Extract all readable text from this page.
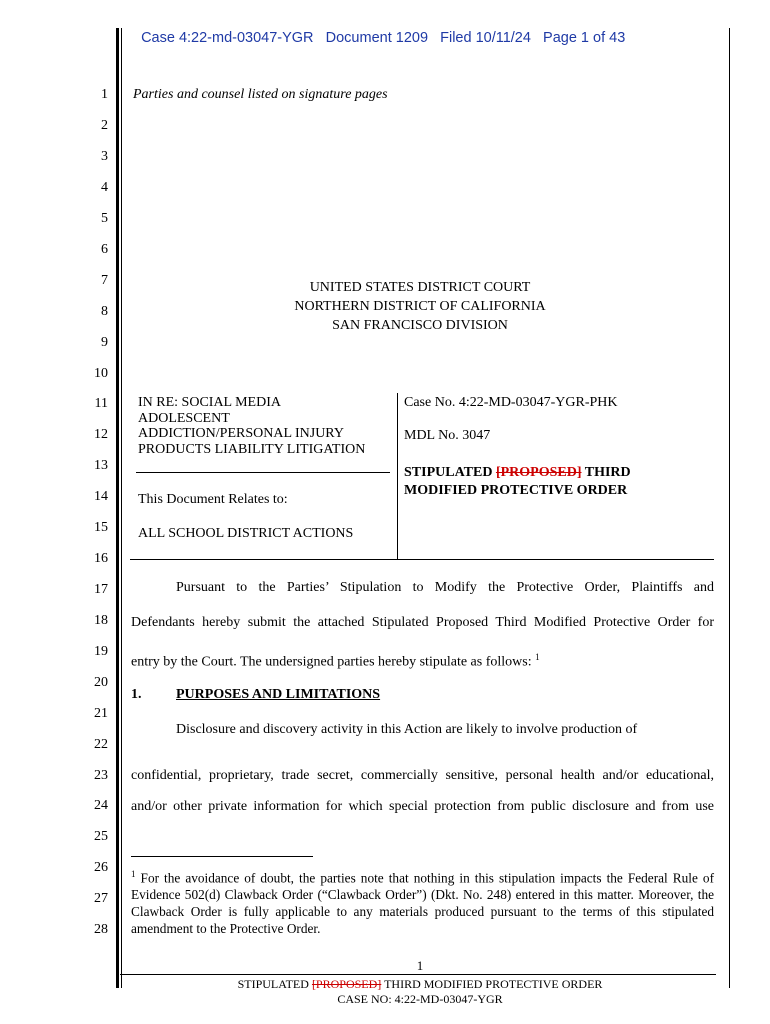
Case 4:22-md-03047-YGR Document 1209 Filed 10/11/24 Page 1 of 43

1
2
3
4
5
6
7
8
9
10
11
12
13
14
15
16
17
18
19
20
21
22
23
24
25
26
27
28
Parties and counsel listed on signature pages
UNITED STATES DISTRICT COURT
NORTHERN DISTRICT OF CALIFORNIA
SAN FRANCISCO DIVISION
IN RE: SOCIAL MEDIA
ADOLESCENT
ADDICTION/PERSONAL INJURY
PRODUCTS LIABILITY LITIGATION
This Document Relates to:
ALL SCHOOL DISTRICT ACTIONS
Case No. 4:22-MD-03047-YGR-PHK
MDL No. 3047
STIPULATED [PROPOSED] THIRD
MODIFIED PROTECTIVE ORDER
Pursuant to the Parties’ Stipulation to Modify the Protective Order, Plaintiffs and
Defendants hereby submit the attached Stipulated Proposed Third Modified Protective Order for
entry by the Court. The undersigned parties hereby stipulate as follows: $^1$
1. PURPOSES AND LIMITATIONS
Disclosure and discovery activity in this Action are likely to involve production of
confidential, proprietary, trade secret, commercially sensitive, personal health and/or educational,
and/or other private information for which special protection from public disclosure and from use
$^1$ For the avoidance of doubt, the parties note that nothing in this stipulation impacts the Federal Rule of Evidence 502(d) Clawback Order (“Clawback Order”) (Dkt. No. 248) entered in this matter. Moreover, the Clawback Order is fully applicable to any materials produced pursuant to the terms of this stipulated amendment to the Protective Order.
1
STIPULATED [PROPOSED] THIRD MODIFIED PROTECTIVE ORDER
CASE NO: 4:22-MD-03047-YGR
